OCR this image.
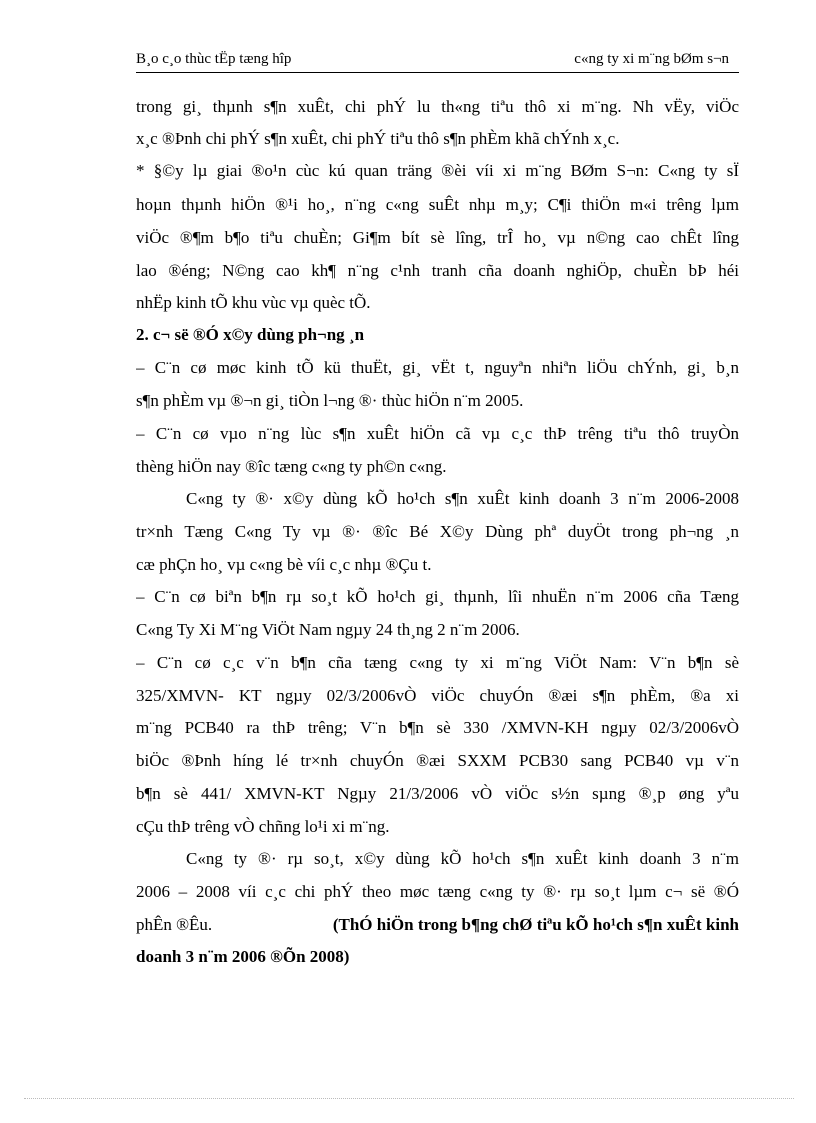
B¸o c¸o thùc tËp tæng hîp	c«ng ty xi m¨ng bØm s¬n
trong gi¸ thµnh s¶n xuÊt, chi phÝ lu th«ng tiªu thô xi m¨ng. Nh vËy, viÖc
x¸c ®Þnh chi phÝ s¶n xuÊt, chi phÝ tiªu thô s¶n phÈm khã chÝnh x¸c.
* §©y lµ giai ®o¹n cùc kú quan träng ®èi víi xi m¨ng BØm S¬n: C«ng ty sÏ
hoµn thµnh hiÖn ®¹i ho¸, n¨ng c«ng suÊt nhµ m¸y; C¶i thiÖn m«i trêng lµm
viÖc ®¶m b¶o tiªu chuÈn; Gi¶m bít sè lîng, trÎ ho¸ vµ n©ng cao chÊt lîng
lao ®éng; N©ng cao kh¶ n¨ng c¹nh tranh cña doanh nghiÖp, chuÈn bÞ héi
nhËp kinh tÕ khu vùc vµ quèc tÕ.
2. c¬ së ®Ó x©y dùng ph¬ng ¸n
– C¨n cø møc kinh tÕ kü thuËt, gi¸ vËt t, nguyªn nhiªn liÖu chÝnh, gi¸ b¸n
s¶n phÈm vµ ®¬n gi¸ tiÒn l¬ng ®· thùc hiÖn n¨m 2005.
– C¨n cø vµo n¨ng lùc s¶n xuÊt hiÖn cã vµ c¸c thÞ trêng tiªu thô truyÒn
thèng hiÖn nay ®îc tæng c«ng ty ph©n c«ng.
C«ng ty ®· x©y dùng kÕ ho¹ch s¶n xuÊt kinh doanh 3 n¨m 2006-2008
tr×nh Tæng C«ng Ty vµ ®· ®îc Bé X©y Dùng phª duyÖt trong ph¬ng ¸n
cæ phÇn ho¸ vµ c«ng bè víi c¸c nhµ ®Çu t.
– C¨n cø biªn b¶n rµ so¸t kÕ ho¹ch gi¸ thµnh, lîi nhuËn n¨m 2006 cña Tæng
C«ng Ty Xi M¨ng ViÖt Nam ngµy 24 th¸ng 2 n¨m 2006.
– C¨n cø c¸c v¨n b¶n cña tæng c«ng ty xi m¨ng ViÖt Nam: V¨n b¶n sè
325/XMVN- KT ngµy 02/3/2006vÒ viÖc chuyÓn ®æi s¶n phÈm, ®a xi
m¨ng PCB40 ra thÞ trêng; V¨n b¶n sè 330 /XMVN-KH ngµy 02/3/2006vÒ
biÖc ®Þnh híng lé tr×nh chuyÓn ®æi SXXM PCB30 sang PCB40 vµ v¨n
b¶n sè 441/ XMVN-KT Ngµy 21/3/2006 vÒ viÖc s½n sµng ®¸p øng yªu
cÇu thÞ trêng vÒ chñng lo¹i xi m¨ng.
C«ng ty ®· rµ so¸t, x©y dùng kÕ ho¹ch s¶n xuÊt kinh doanh 3 n¨m
2006 – 2008 víi c¸c chi phÝ theo møc tæng c«ng ty ®· rµ so¸t lµm c¬ së ®Ó
phÊn ®Êu.	(ThÓ hiÖn trong b¶ng chØ tiªu kÕ ho¹ch s¶n xuÊt kinh
doanh 3 n¨m 2006 ®Õn 2008)
